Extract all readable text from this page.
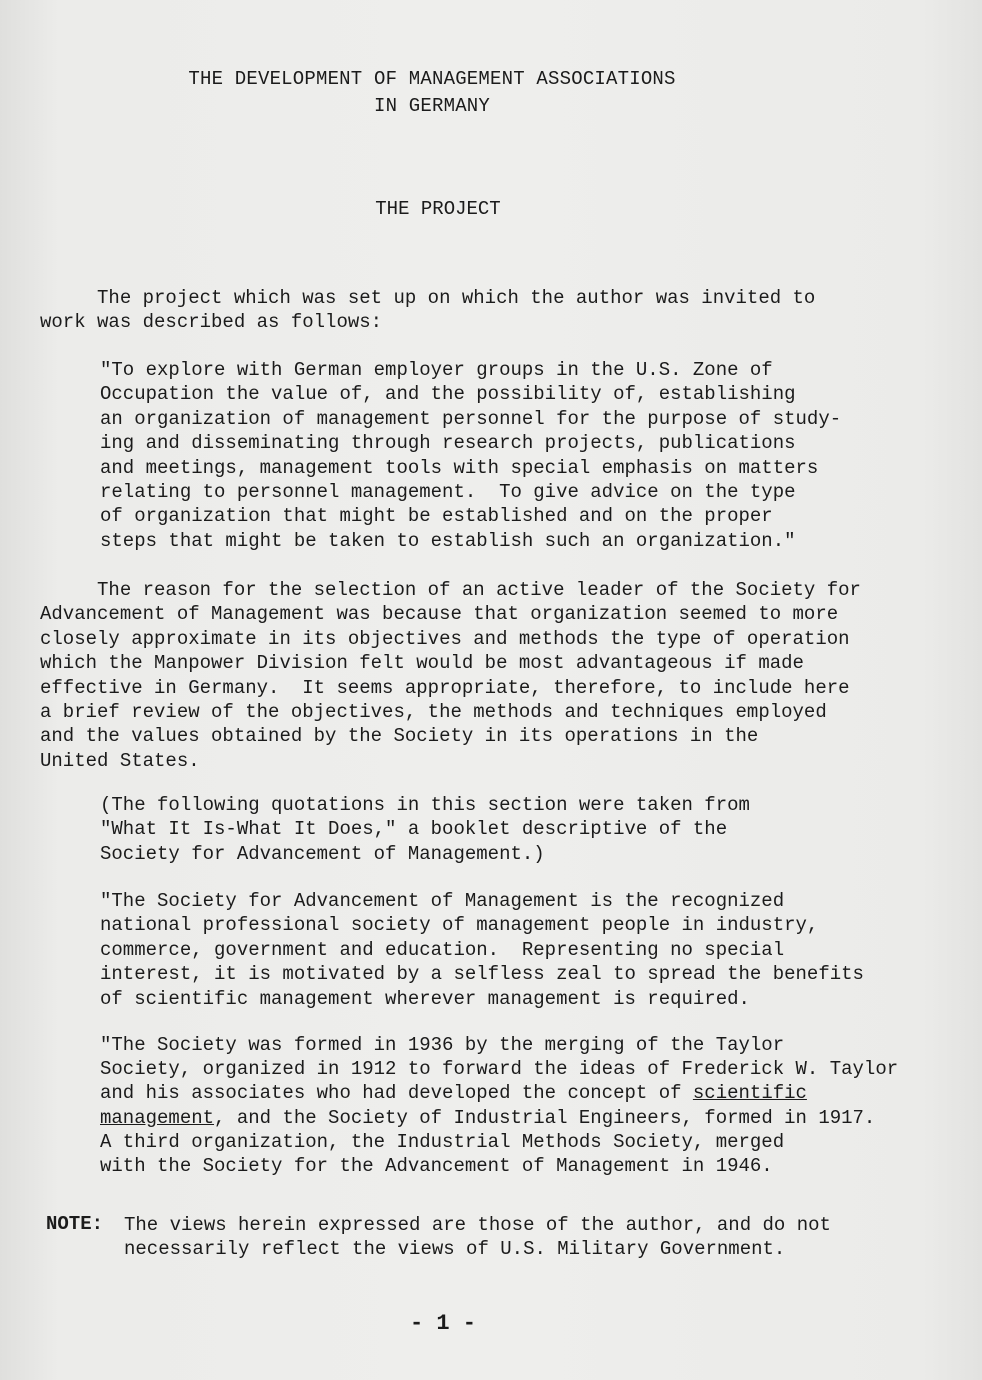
THE DEVELOPMENT OF MANAGEMENT ASSOCIATIONS
IN GERMANY
THE PROJECT

The project which was set up on which the author was invited to
work was described as follows:

"To explore with German employer groups in the U.S. Zone of
Occupation the value of, and the possibility of, establishing
an organization of management personnel for the purpose of study-
ing and disseminating through research projects, publications
and meetings, management tools with special emphasis on matters
relating to personnel management.  To give advice on the type
of organization that might be established and on the proper
steps that might be taken to establish such an organization."

The reason for the selection of an active leader of the Society for
Advancement of Management was because that organization seemed to more
closely approximate in its objectives and methods the type of operation
which the Manpower Division felt would be most advantageous if made
effective in Germany.  It seems appropriate, therefore, to include here
a brief review of the objectives, the methods and techniques employed
and the values obtained by the Society in its operations in the
United States.

(The following quotations in this section were taken from
"What It Is-What It Does," a booklet descriptive of the
Society for Advancement of Management.)

"The Society for Advancement of Management is the recognized
national professional society of management people in industry,
commerce, government and education.  Representing no special
interest, it is motivated by a selfless zeal to spread the benefits
of scientific management wherever management is required.

"The Society was formed in 1936 by the merging of the Taylor
Society, organized in 1912 to forward the ideas of Frederick W. Taylor
and his associates who had developed the concept of scientific
management, and the Society of Industrial Engineers, formed in 1917.
A third organization, the Industrial Methods Society, merged
with the Society for the Advancement of Management in 1946.
NOTE: The views herein expressed are those of the author, and do not
necessarily reflect the views of U.S. Military Government.
- 1 -
